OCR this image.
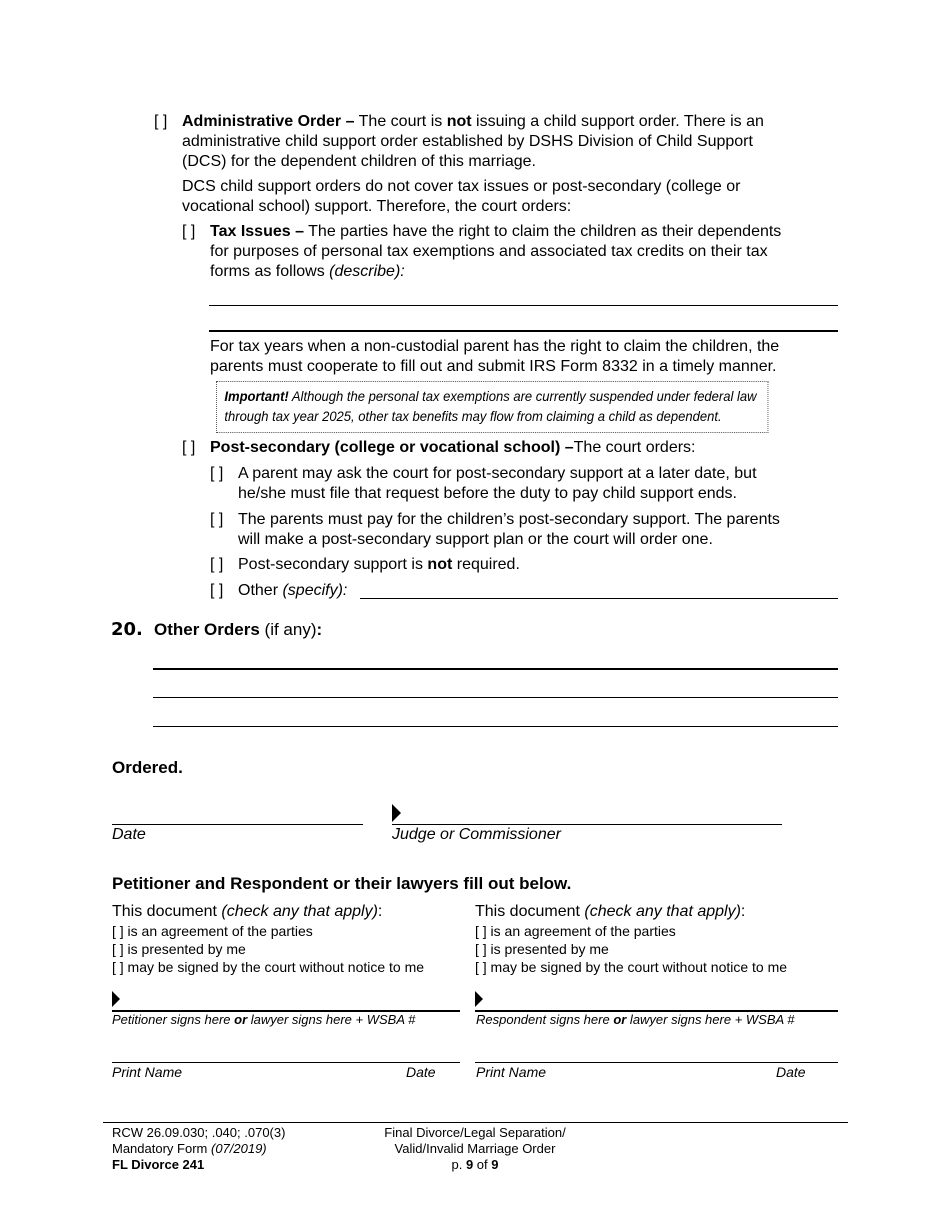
[ ] Administrative Order – The court is not issuing a child support order. There is an
administrative child support order established by DSHS Division of Child Support
(DCS) for the dependent children of this marriage.
DCS child support orders do not cover tax issues or post-secondary (college or
vocational school) support. Therefore, the court orders:
[ ] Tax Issues – The parties have the right to claim the children as their dependents
for purposes of personal tax exemptions and associated tax credits on their tax
forms as follows (describe):
For tax years when a non-custodial parent has the right to claim the children, the
parents must cooperate to fill out and submit IRS Form 8332 in a timely manner.
Important! Although the personal tax exemptions are currently suspended under federal law
through tax year 2025, other tax benefits may flow from claiming a child as dependent.
[ ] Post-secondary (college or vocational school) –The court orders:
[ ] A parent may ask the court for post-secondary support at a later date, but
he/she must file that request before the duty to pay child support ends.
[ ] The parents must pay for the children’s post-secondary support. The parents
will make a post-secondary support plan or the court will order one.
[ ] Post-secondary support is not required.
[ ] Other (specify):
20. Other Orders (if any):
Ordered.
Date	Judge or Commissioner
Petitioner and Respondent or their lawyers fill out below.
This document (check any that apply):
[ ] is an agreement of the parties
[ ] is presented by me
[ ] may be signed by the court without notice to me
This document (check any that apply):
[ ] is an agreement of the parties
[ ] is presented by me
[ ] may be signed by the court without notice to me
Petitioner signs here or lawyer signs here + WSBA #	Respondent signs here or lawyer signs here + WSBA #
Print Name	Date	Print Name	Date
RCW 26.09.030; .040; .070(3)
Mandatory Form (07/2019)
FL Divorce 241
Final Divorce/Legal Separation/
Valid/Invalid Marriage Order
p. 9 of 9
